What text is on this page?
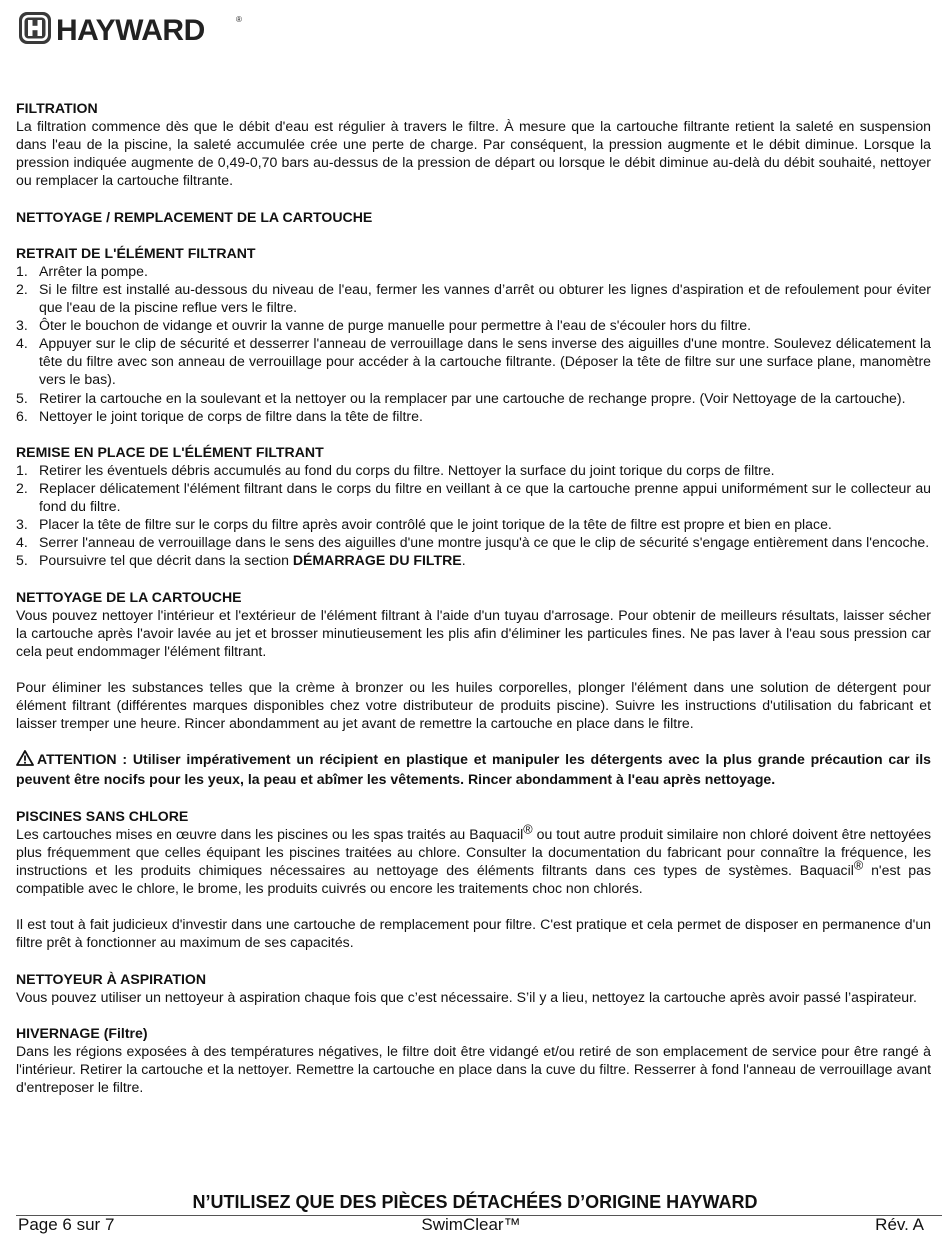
HAYWARD	®

FILTRATION

La filtration commence dès que le débit d'eau est régulier à travers le filtre. À mesure que la cartouche filtrante retient la saleté en suspension dans l'eau de la piscine, la saleté accumulée crée une perte de charge. Par conséquent, la pression augmente et le débit diminue. Lorsque la pression indiquée augmente de 0,49-0,70 bars au-dessus de la pression de départ ou lorsque le débit diminue au-delà du débit souhaité, nettoyer ou remplacer la cartouche filtrante.

NETTOYAGE / REMPLACEMENT DE LA CARTOUCHE

RETRAIT DE L'ÉLÉMENT FILTRANT

1. Arrêter la pompe.
2. Si le filtre est installé au-dessous du niveau de l'eau, fermer les vannes d’arrêt ou obturer les lignes d'aspiration et de refoulement pour éviter que l'eau de la piscine reflue vers le filtre.
3. Ôter le bouchon de vidange et ouvrir la vanne de purge manuelle pour permettre à l'eau de s'écouler hors du filtre.
4. Appuyer sur le clip de sécurité et desserrer l'anneau de verrouillage dans le sens inverse des aiguilles d'une montre. Soulevez délicatement la tête du filtre avec son anneau de verrouillage pour accéder à la cartouche filtrante. (Déposer la tête de filtre sur une surface plane, manomètre vers le bas).
5. Retirer la cartouche en la soulevant et la nettoyer ou la remplacer par une cartouche de rechange propre. (Voir Nettoyage de la cartouche).
6. Nettoyer le joint torique de corps de filtre dans la tête de filtre.

REMISE EN PLACE DE L'ÉLÉMENT FILTRANT

1. Retirer les éventuels débris accumulés au fond du corps du filtre. Nettoyer la surface du joint torique du corps de filtre.
2. Replacer délicatement l'élément filtrant dans le corps du filtre en veillant à ce que la cartouche prenne appui uniformément sur le collecteur au fond du filtre.
3. Placer la tête de filtre sur le corps du filtre après avoir contrôlé que le joint torique de la tête de filtre est propre et bien en place.
4. Serrer l'anneau de verrouillage dans le sens des aiguilles d'une montre jusqu'à ce que le clip de sécurité s'engage entièrement dans l'encoche.
5. Poursuivre tel que décrit dans la section DÉMARRAGE DU FILTRE.

NETTOYAGE DE LA CARTOUCHE

Vous pouvez nettoyer l'intérieur et l'extérieur de l'élément filtrant à l'aide d'un tuyau d'arrosage. Pour obtenir de meilleurs résultats, laisser sécher la cartouche après l'avoir lavée au jet et brosser minutieusement les plis afin d'éliminer les particules fines. Ne pas laver à l'eau sous pression car cela peut endommager l'élément filtrant.

Pour éliminer les substances telles que la crème à bronzer ou les huiles corporelles, plonger l'élément dans une solution de détergent pour élément filtrant (différentes marques disponibles chez votre distributeur de produits piscine). Suivre les instructions d'utilisation du fabricant et laisser tremper une heure. Rincer abondamment au jet avant de remettre la cartouche en place dans le filtre.

ATTENTION : Utiliser impérativement un récipient en plastique et manipuler les détergents avec la plus grande précaution car ils peuvent être nocifs pour les yeux, la peau et abîmer les vêtements. Rincer abondamment à l'eau après nettoyage.

PISCINES SANS CHLORE

Les cartouches mises en œuvre dans les piscines ou les spas traités au Baquacil® ou tout autre produit similaire non chloré doivent être nettoyées plus fréquemment que celles équipant les piscines traitées au chlore. Consulter la documentation du fabricant pour connaître la fréquence, les instructions et les produits chimiques nécessaires au nettoyage des éléments filtrants dans ces types de systèmes. Baquacil® n'est pas compatible avec le chlore, le brome, les produits cuivrés ou encore les traitements choc non chlorés.

Il est tout à fait judicieux d'investir dans une cartouche de remplacement pour filtre. C'est pratique et cela permet de disposer en permanence d'un filtre prêt à fonctionner au maximum de ses capacités.

NETTOYEUR À ASPIRATION

Vous pouvez utiliser un nettoyeur à aspiration chaque fois que c’est nécessaire. S’il y a lieu, nettoyez la cartouche après avoir passé l’aspirateur.

HIVERNAGE (Filtre)

Dans les régions exposées à des températures négatives, le filtre doit être vidangé et/ou retiré de son emplacement de service pour être rangé à l'intérieur. Retirer la cartouche et la nettoyer. Remettre la cartouche en place dans la cuve du filtre. Resserrer à fond l'anneau de verrouillage avant d'entreposer le filtre.

N’UTILISEZ QUE DES PIÈCES DÉTACHÉES D’ORIGINE HAYWARD
Page 6 sur 7	SwimClear™	Rév. A
